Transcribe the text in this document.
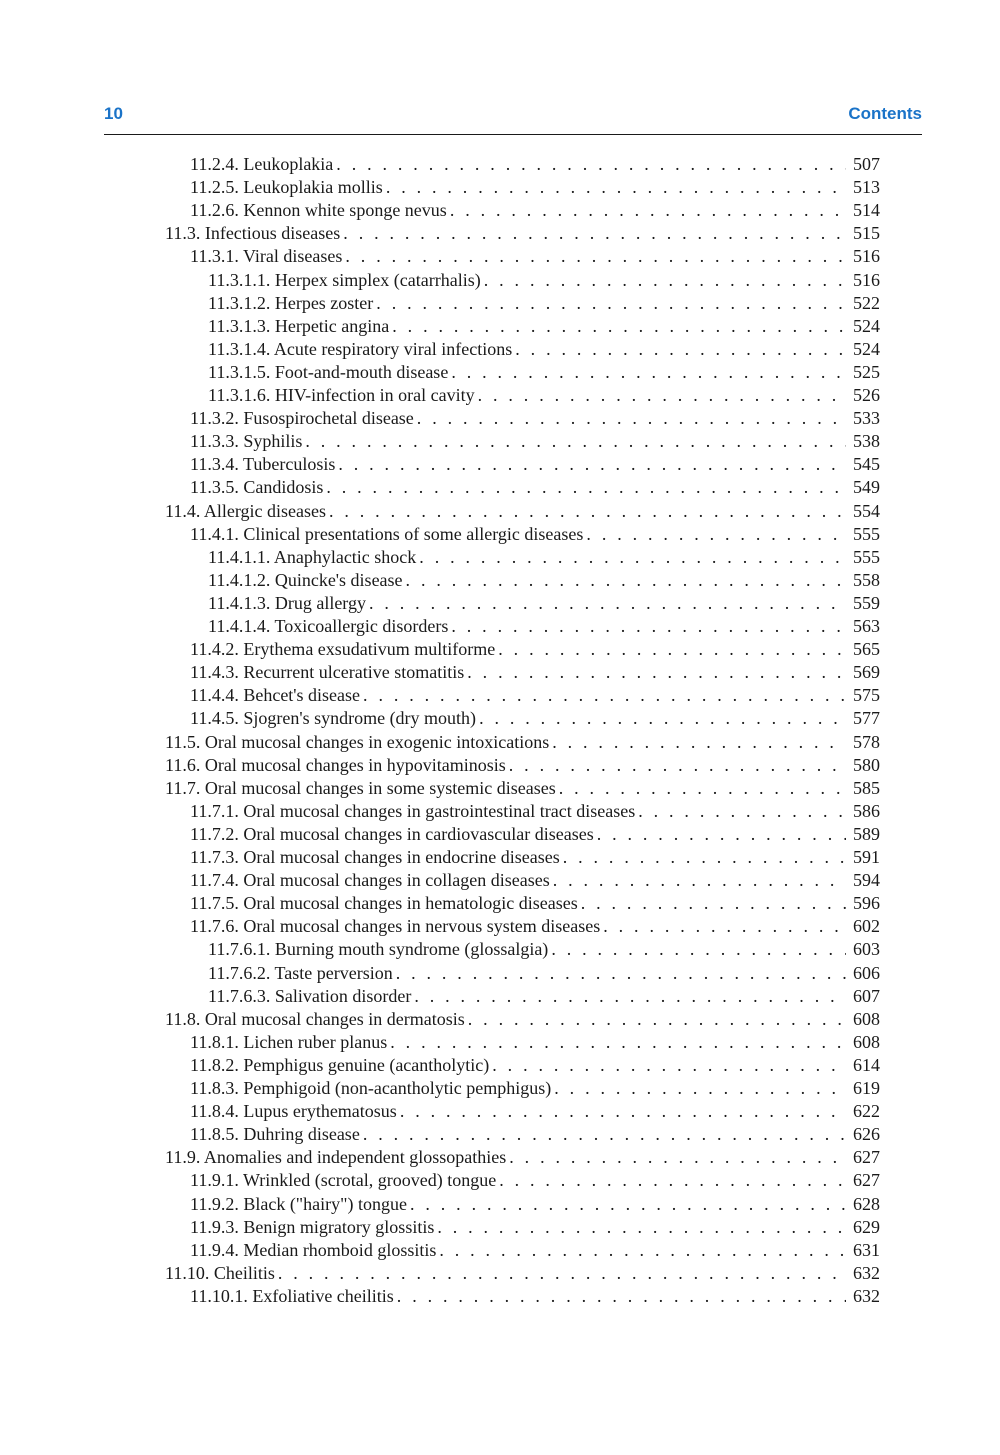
10	Contents
11.2.4. Leukoplakia . . .	507
11.2.5. Leukoplakia mollis . . .	513
11.2.6. Kennon white sponge nevus . . .	514
11.3. Infectious diseases . . .	515
11.3.1. Viral diseases . . .	516
11.3.1.1. Herpex simplex (catarrhalis) . . .	516
11.3.1.2. Herpes zoster . . .	522
11.3.1.3. Herpetic angina . . .	524
11.3.1.4. Acute respiratory viral infections . . .	524
11.3.1.5. Foot-and-mouth disease . . .	525
11.3.1.6. HIV-infection in oral cavity . . .	526
11.3.2. Fusospirochetal disease . . .	533
11.3.3. Syphilis . . .	538
11.3.4. Tuberculosis . . .	545
11.3.5. Candidosis . . .	549
11.4. Allergic diseases . . .	554
11.4.1. Clinical presentations of some allergic diseases . . .	555
11.4.1.1. Anaphylactic shock . . .	555
11.4.1.2. Quincke's disease . . .	558
11.4.1.3. Drug allergy . . .	559
11.4.1.4. Toxicoallergic disorders . . .	563
11.4.2. Erythema exsudativum multiforme . . .	565
11.4.3. Recurrent ulcerative stomatitis . . .	569
11.4.4. Behcet's disease . . .	575
11.4.5. Sjogren's syndrome (dry mouth) . . .	577
11.5. Oral mucosal changes in exogenic intoxications . . .	578
11.6. Oral mucosal changes in hypovitaminosis . . .	580
11.7. Oral mucosal changes in some systemic diseases . . .	585
11.7.1. Oral mucosal changes in gastrointestinal tract diseases . . .	586
11.7.2. Oral mucosal changes in cardiovascular diseases . . .	589
11.7.3. Oral mucosal changes in endocrine diseases . . .	591
11.7.4. Oral mucosal changes in collagen diseases . . .	594
11.7.5. Oral mucosal changes in hematologic diseases . . .	596
11.7.6. Oral mucosal changes in nervous system diseases . . .	602
11.7.6.1. Burning mouth syndrome (glossalgia) . . .	603
11.7.6.2. Taste perversion . . .	606
11.7.6.3. Salivation disorder . . .	607
11.8. Oral mucosal changes in dermatosis . . .	608
11.8.1. Lichen ruber planus . . .	608
11.8.2. Pemphigus genuine (acantholytic) . . .	614
11.8.3. Pemphigoid (non-acantholytic pemphigus) . . .	619
11.8.4. Lupus erythematosus . . .	622
11.8.5. Duhring disease . . .	626
11.9. Anomalies and independent glossopathies . . .	627
11.9.1. Wrinkled (scrotal, grooved) tongue . . .	627
11.9.2. Black ("hairy") tongue . . .	628
11.9.3. Benign migratory glossitis . . .	629
11.9.4. Median rhomboid glossitis . . .	631
11.10. Cheilitis . . .	632
11.10.1. Exfoliative cheilitis . . .	632
